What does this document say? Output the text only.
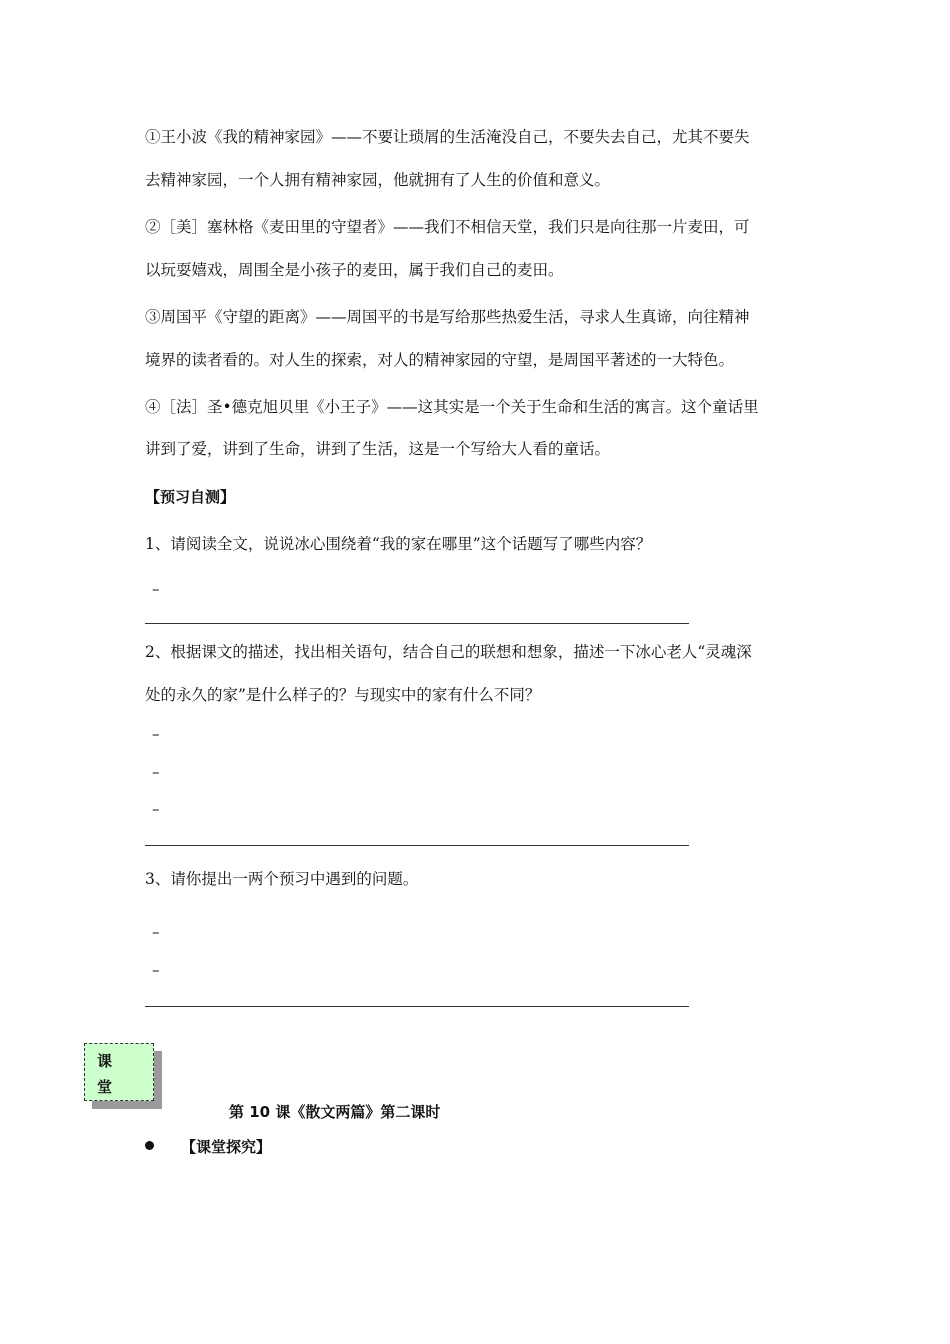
①王小波《我的精神家园》——不要让琐屑的生活淹没自己，不要失去自己，尤其不要失
去精神家园，一个人拥有精神家园，他就拥有了人生的价值和意义。
②［美］塞林格《麦田里的守望者》——我们不相信天堂，我们只是向往那一片麦田，可
以玩耍嬉戏，周围全是小孩子的麦田，属于我们自己的麦田。
③周国平《守望的距离》——周国平的书是写给那些热爱生活，寻求人生真谛，向往精神
境界的读者看的。对人生的探索，对人的精神家园的守望，是周国平著述的一大特色。
④［法］圣•德克旭贝里《小王子》——这其实是一个关于生命和生活的寓言。这个童话里
讲到了爱，讲到了生命，讲到了生活，这是一个写给大人看的童话。
【预习自测】
1、请阅读全文，说说冰心围绕着“我的家在哪里”这个话题写了哪些内容？
–
2、根据课文的描述，找出相关语句，结合自己的联想和想象，描述一下冰心老人“灵魂深
处的永久的家”是什么样子的？与现实中的家有什么不同？
–
–
–
3、请你提出一两个预习中遇到的问题。
–
–
课
堂
第 10 课《散文两篇》第二课时
【课堂探究】
